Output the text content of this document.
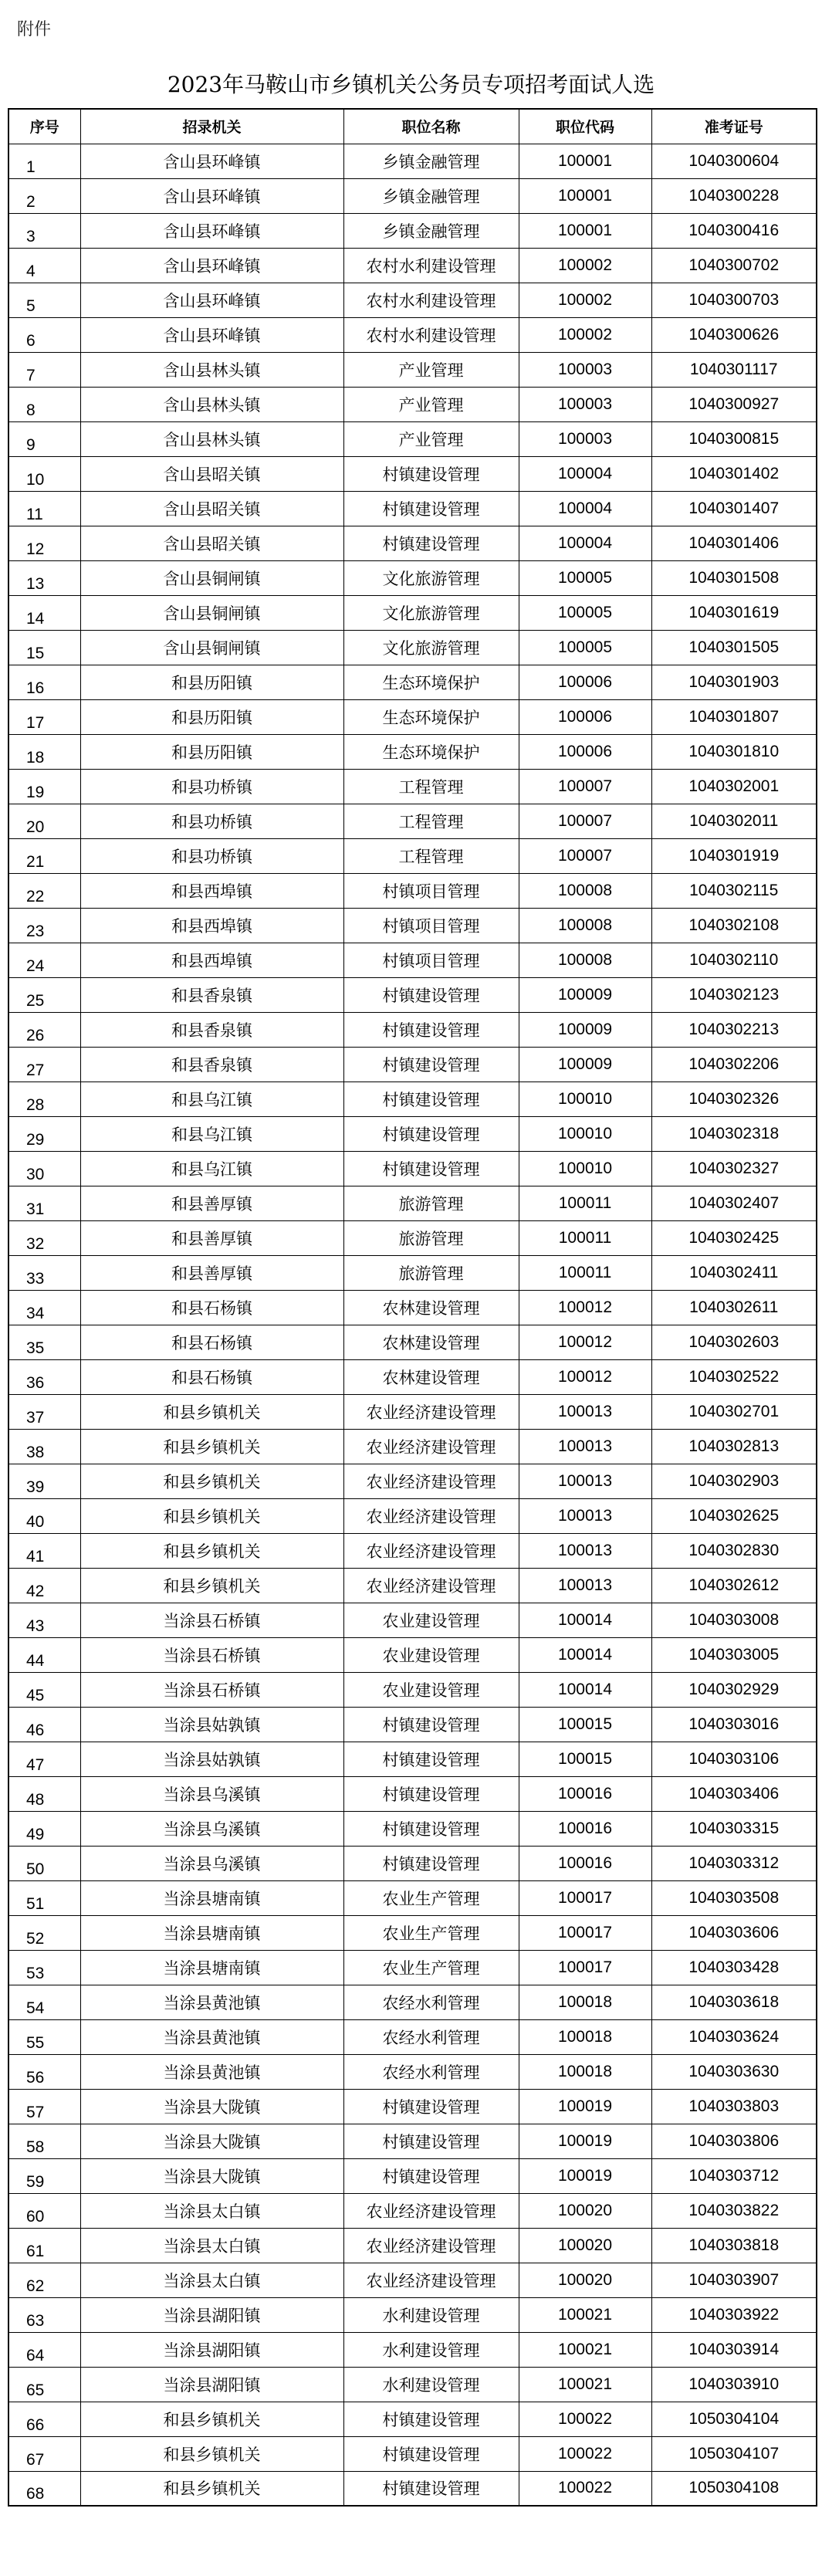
附件
2023年马鞍山市乡镇机关公务员专项招考面试人选
序号	招录机关	职位名称	职位代码	准考证号
1	含山县环峰镇	乡镇金融管理	100001	1040300604
2	含山县环峰镇	乡镇金融管理	100001	1040300228
3	含山县环峰镇	乡镇金融管理	100001	1040300416
4	含山县环峰镇	农村水利建设管理	100002	1040300702
5	含山县环峰镇	农村水利建设管理	100002	1040300703
6	含山县环峰镇	农村水利建设管理	100002	1040300626
7	含山县林头镇	产业管理	100003	1040301117
8	含山县林头镇	产业管理	100003	1040300927
9	含山县林头镇	产业管理	100003	1040300815
10	含山县昭关镇	村镇建设管理	100004	1040301402
11	含山县昭关镇	村镇建设管理	100004	1040301407
12	含山县昭关镇	村镇建设管理	100004	1040301406
13	含山县铜闸镇	文化旅游管理	100005	1040301508
14	含山县铜闸镇	文化旅游管理	100005	1040301619
15	含山县铜闸镇	文化旅游管理	100005	1040301505
16	和县历阳镇	生态环境保护	100006	1040301903
17	和县历阳镇	生态环境保护	100006	1040301807
18	和县历阳镇	生态环境保护	100006	1040301810
19	和县功桥镇	工程管理	100007	1040302001
20	和县功桥镇	工程管理	100007	1040302011
21	和县功桥镇	工程管理	100007	1040301919
22	和县西埠镇	村镇项目管理	100008	1040302115
23	和县西埠镇	村镇项目管理	100008	1040302108
24	和县西埠镇	村镇项目管理	100008	1040302110
25	和县香泉镇	村镇建设管理	100009	1040302123
26	和县香泉镇	村镇建设管理	100009	1040302213
27	和县香泉镇	村镇建设管理	100009	1040302206
28	和县乌江镇	村镇建设管理	100010	1040302326
29	和县乌江镇	村镇建设管理	100010	1040302318
30	和县乌江镇	村镇建设管理	100010	1040302327
31	和县善厚镇	旅游管理	100011	1040302407
32	和县善厚镇	旅游管理	100011	1040302425
33	和县善厚镇	旅游管理	100011	1040302411
34	和县石杨镇	农林建设管理	100012	1040302611
35	和县石杨镇	农林建设管理	100012	1040302603
36	和县石杨镇	农林建设管理	100012	1040302522
37	和县乡镇机关	农业经济建设管理	100013	1040302701
38	和县乡镇机关	农业经济建设管理	100013	1040302813
39	和县乡镇机关	农业经济建设管理	100013	1040302903
40	和县乡镇机关	农业经济建设管理	100013	1040302625
41	和县乡镇机关	农业经济建设管理	100013	1040302830
42	和县乡镇机关	农业经济建设管理	100013	1040302612
43	当涂县石桥镇	农业建设管理	100014	1040303008
44	当涂县石桥镇	农业建设管理	100014	1040303005
45	当涂县石桥镇	农业建设管理	100014	1040302929
46	当涂县姑孰镇	村镇建设管理	100015	1040303016
47	当涂县姑孰镇	村镇建设管理	100015	1040303106
48	当涂县乌溪镇	村镇建设管理	100016	1040303406
49	当涂县乌溪镇	村镇建设管理	100016	1040303315
50	当涂县乌溪镇	村镇建设管理	100016	1040303312
51	当涂县塘南镇	农业生产管理	100017	1040303508
52	当涂县塘南镇	农业生产管理	100017	1040303606
53	当涂县塘南镇	农业生产管理	100017	1040303428
54	当涂县黄池镇	农经水利管理	100018	1040303618
55	当涂县黄池镇	农经水利管理	100018	1040303624
56	当涂县黄池镇	农经水利管理	100018	1040303630
57	当涂县大陇镇	村镇建设管理	100019	1040303803
58	当涂县大陇镇	村镇建设管理	100019	1040303806
59	当涂县大陇镇	村镇建设管理	100019	1040303712
60	当涂县太白镇	农业经济建设管理	100020	1040303822
61	当涂县太白镇	农业经济建设管理	100020	1040303818
62	当涂县太白镇	农业经济建设管理	100020	1040303907
63	当涂县湖阳镇	水利建设管理	100021	1040303922
64	当涂县湖阳镇	水利建设管理	100021	1040303914
65	当涂县湖阳镇	水利建设管理	100021	1040303910
66	和县乡镇机关	村镇建设管理	100022	1050304104
67	和县乡镇机关	村镇建设管理	100022	1050304107
68	和县乡镇机关	村镇建设管理	100022	1050304108
